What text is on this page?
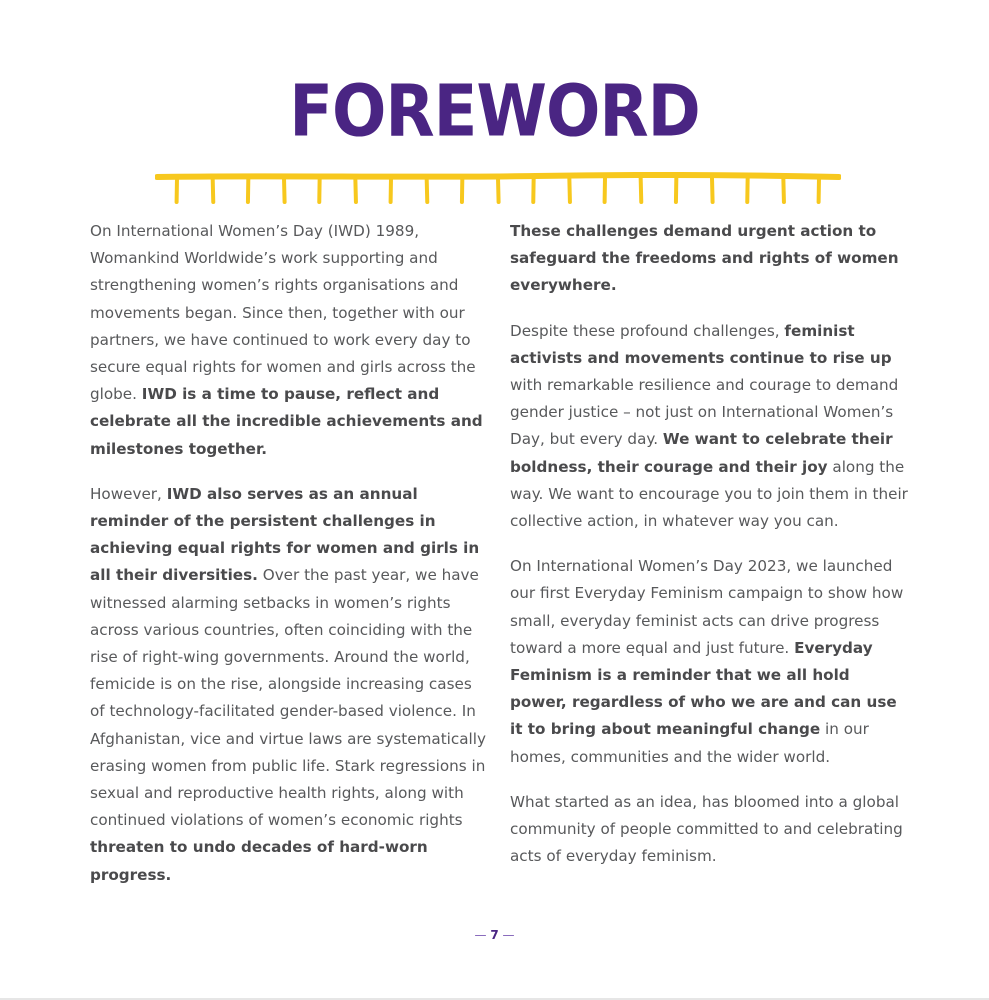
FOREWORD

On International Women’s Day (IWD) 1989, Womankind Worldwide’s work supporting and strengthening women’s rights organisations and movements began. Since then, together with our partners, we have continued to work every day to secure equal rights for women and girls across the globe. IWD is a time to pause, reflect and celebrate all the incredible achievements and milestones together.

However, IWD also serves as an annual reminder of the persistent challenges in achieving equal rights for women and girls in all their diversities. Over the past year, we have witnessed alarming setbacks in women’s rights across various countries, often coinciding with the rise of right-wing governments. Around the world, femicide is on the rise, alongside increasing cases of technology-facilitated gender-based violence. In Afghanistan, vice and virtue laws are systematically erasing women from public life. Stark regressions in sexual and reproductive health rights, along with continued violations of women’s economic rights threaten to undo decades of hard-worn progress.

These challenges demand urgent action to safeguard the freedoms and rights of women everywhere.

Despite these profound challenges, feminist activists and movements continue to rise up with remarkable resilience and courage to demand gender justice – not just on International Women’s Day, but every day. We want to celebrate their boldness, their courage and their joy along the way. We want to encourage you to join them in their collective action, in whatever way you can.

On International Women’s Day 2023, we launched our first Everyday Feminism campaign to show how small, everyday feminist acts can drive progress toward a more equal and just future. Everyday Feminism is a reminder that we all hold power, regardless of who we are and can use it to bring about meaningful change in our homes, communities and the wider world.

What started as an idea, has bloomed into a global community of people committed to and celebrating acts of everyday feminism.

— 7 —
